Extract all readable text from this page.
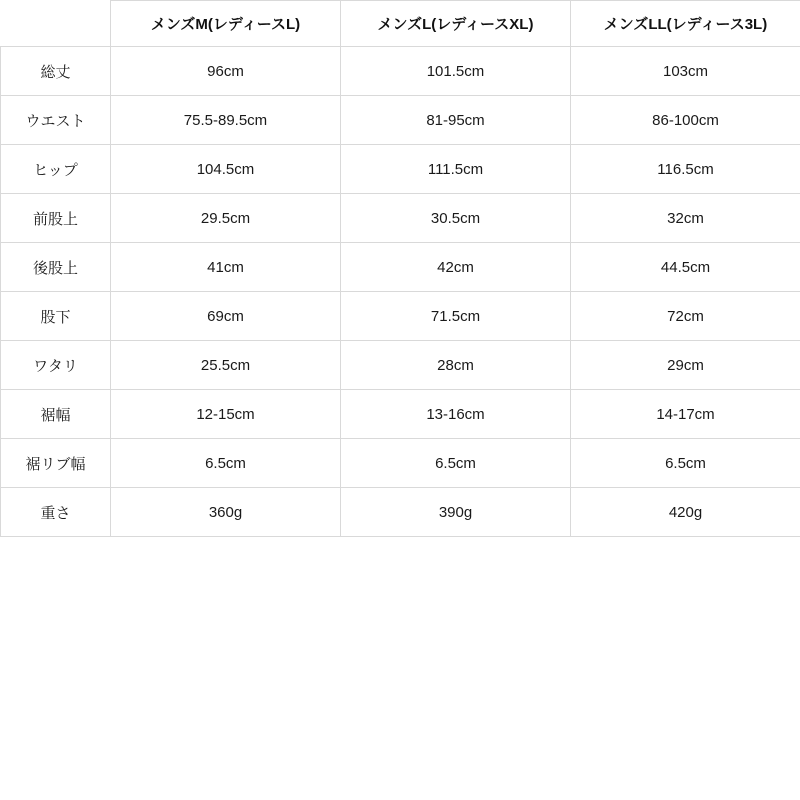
	メンズM(レディースL)	メンズL(レディースXL)	メンズLL(レディース3L)
総丈	96cm	101.5cm	103cm
ウエスト	75.5-89.5cm	81-95cm	86-100cm
ヒップ	104.5cm	111.5cm	116.5cm
前股上	29.5cm	30.5cm	32cm
後股上	41cm	42cm	44.5cm
股下	69cm	71.5cm	72cm
ワタリ	25.5cm	28cm	29cm
裾幅	12-15cm	13-16cm	14-17cm
裾リブ幅	6.5cm	6.5cm	6.5cm
重さ	360g	390g	420g
